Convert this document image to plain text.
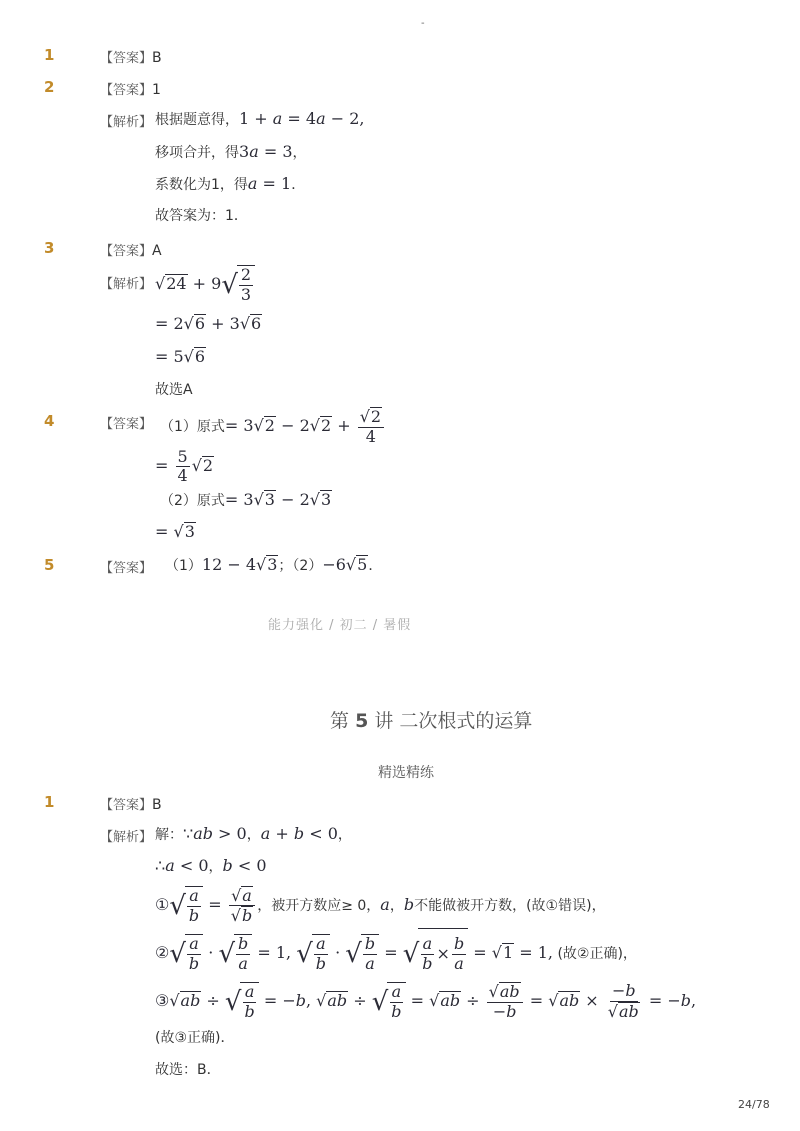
-
1	【答案】B
2	【答案】1
【解析】 根据题意得，1 + a = 4a − 2,
移项合并，得3a = 3，
系数化为1，得a = 1．
故答案为：1．
3	【答案】A
【解析】 √24 + 9 √ $\frac{2}{3}$
= 2√6 + 3√6
= 5√6
故选A
4	【答案】 （1）原式= $3√2 - 2√2 + \frac{√2}{4}$
= $\frac{5}{4} √2$
（2）原式= 3√3 − 2√3
= √3
5	【答案】 （1）12 − 4√3；（2）−6√5．
能力强化 / 初二 / 暑假
第 5 讲 二次根式的运算
精选精练
1	【答案】B
【解析】 解：∵ab > 0，a + b < 0，
∴a < 0，b < 0
① √ $\frac{a}{b} = \frac{√a}{√b}$ ，被开方数应≥ 0，a，b不能做被开方数，(故①错误)，
② √ $\frac{a}{b}$ · √ $\frac{b}{a} = 1$, √ $\frac{a}{b}$ · √ $\frac{b}{a}$ = √ $\frac{a}{b} \times \frac{b}{a} = √1 = 1$, (故②正确)，
③√ab ÷ √ $\frac{a}{b} = -b$, √ab ÷ √ $\frac{a}{b} = √ab \div \frac{√ab}{-b} = √ab \times \frac{-b}{√ab} = -b$,
(故③正确)．
故选：B．
24/78
